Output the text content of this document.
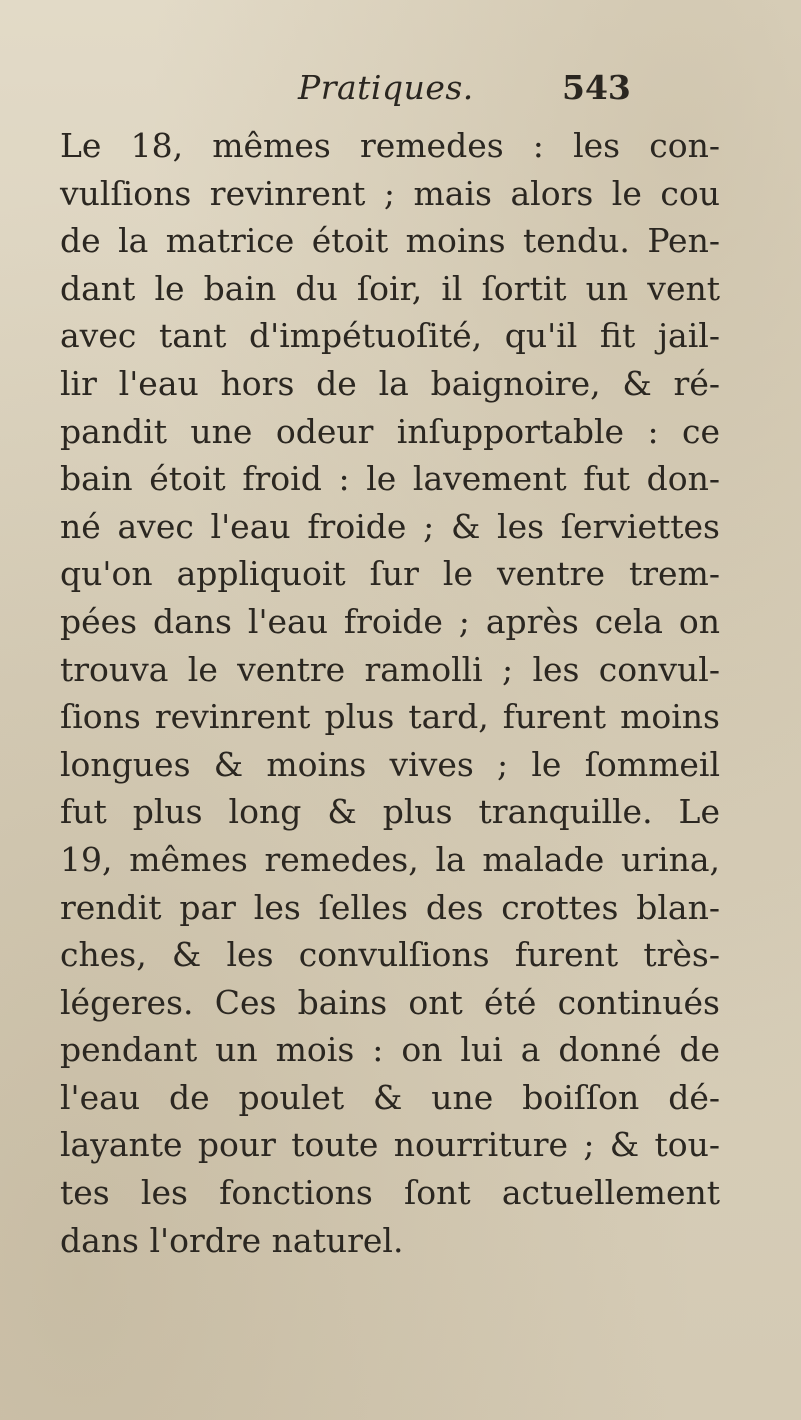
Pratiques.	543
Le 18, mêmes remedes : les con-
vulſions revinrent ; mais alors le cou
de la matrice étoit moins tendu. Pen-
dant le bain du ſoir, il ſortit un vent
avec tant d'impétuoſité, qu'il fit jail-
lir l'eau hors de la baignoire, & ré-
pandit une odeur inſupportable : ce
bain étoit froid : le lavement fut don-
né avec l'eau froide ; & les ſerviettes
qu'on appliquoit ſur le ventre trem-
pées dans l'eau froide ; après cela on
trouva le ventre ramolli ; les convul-
ſions revinrent plus tard, furent moins
longues & moins vives ; le ſommeil
fut plus long & plus tranquille. Le
19, mêmes remedes, la malade urina,
rendit par les ſelles des crottes blan-
ches, & les convulſions furent très-
légeres. Ces bains ont été continués
pendant un mois : on lui a donné de
l'eau de poulet & une boiſſon dé-
layante pour toute nourriture ; & tou-
tes les fonctions ſont actuellement
dans l'ordre naturel.
